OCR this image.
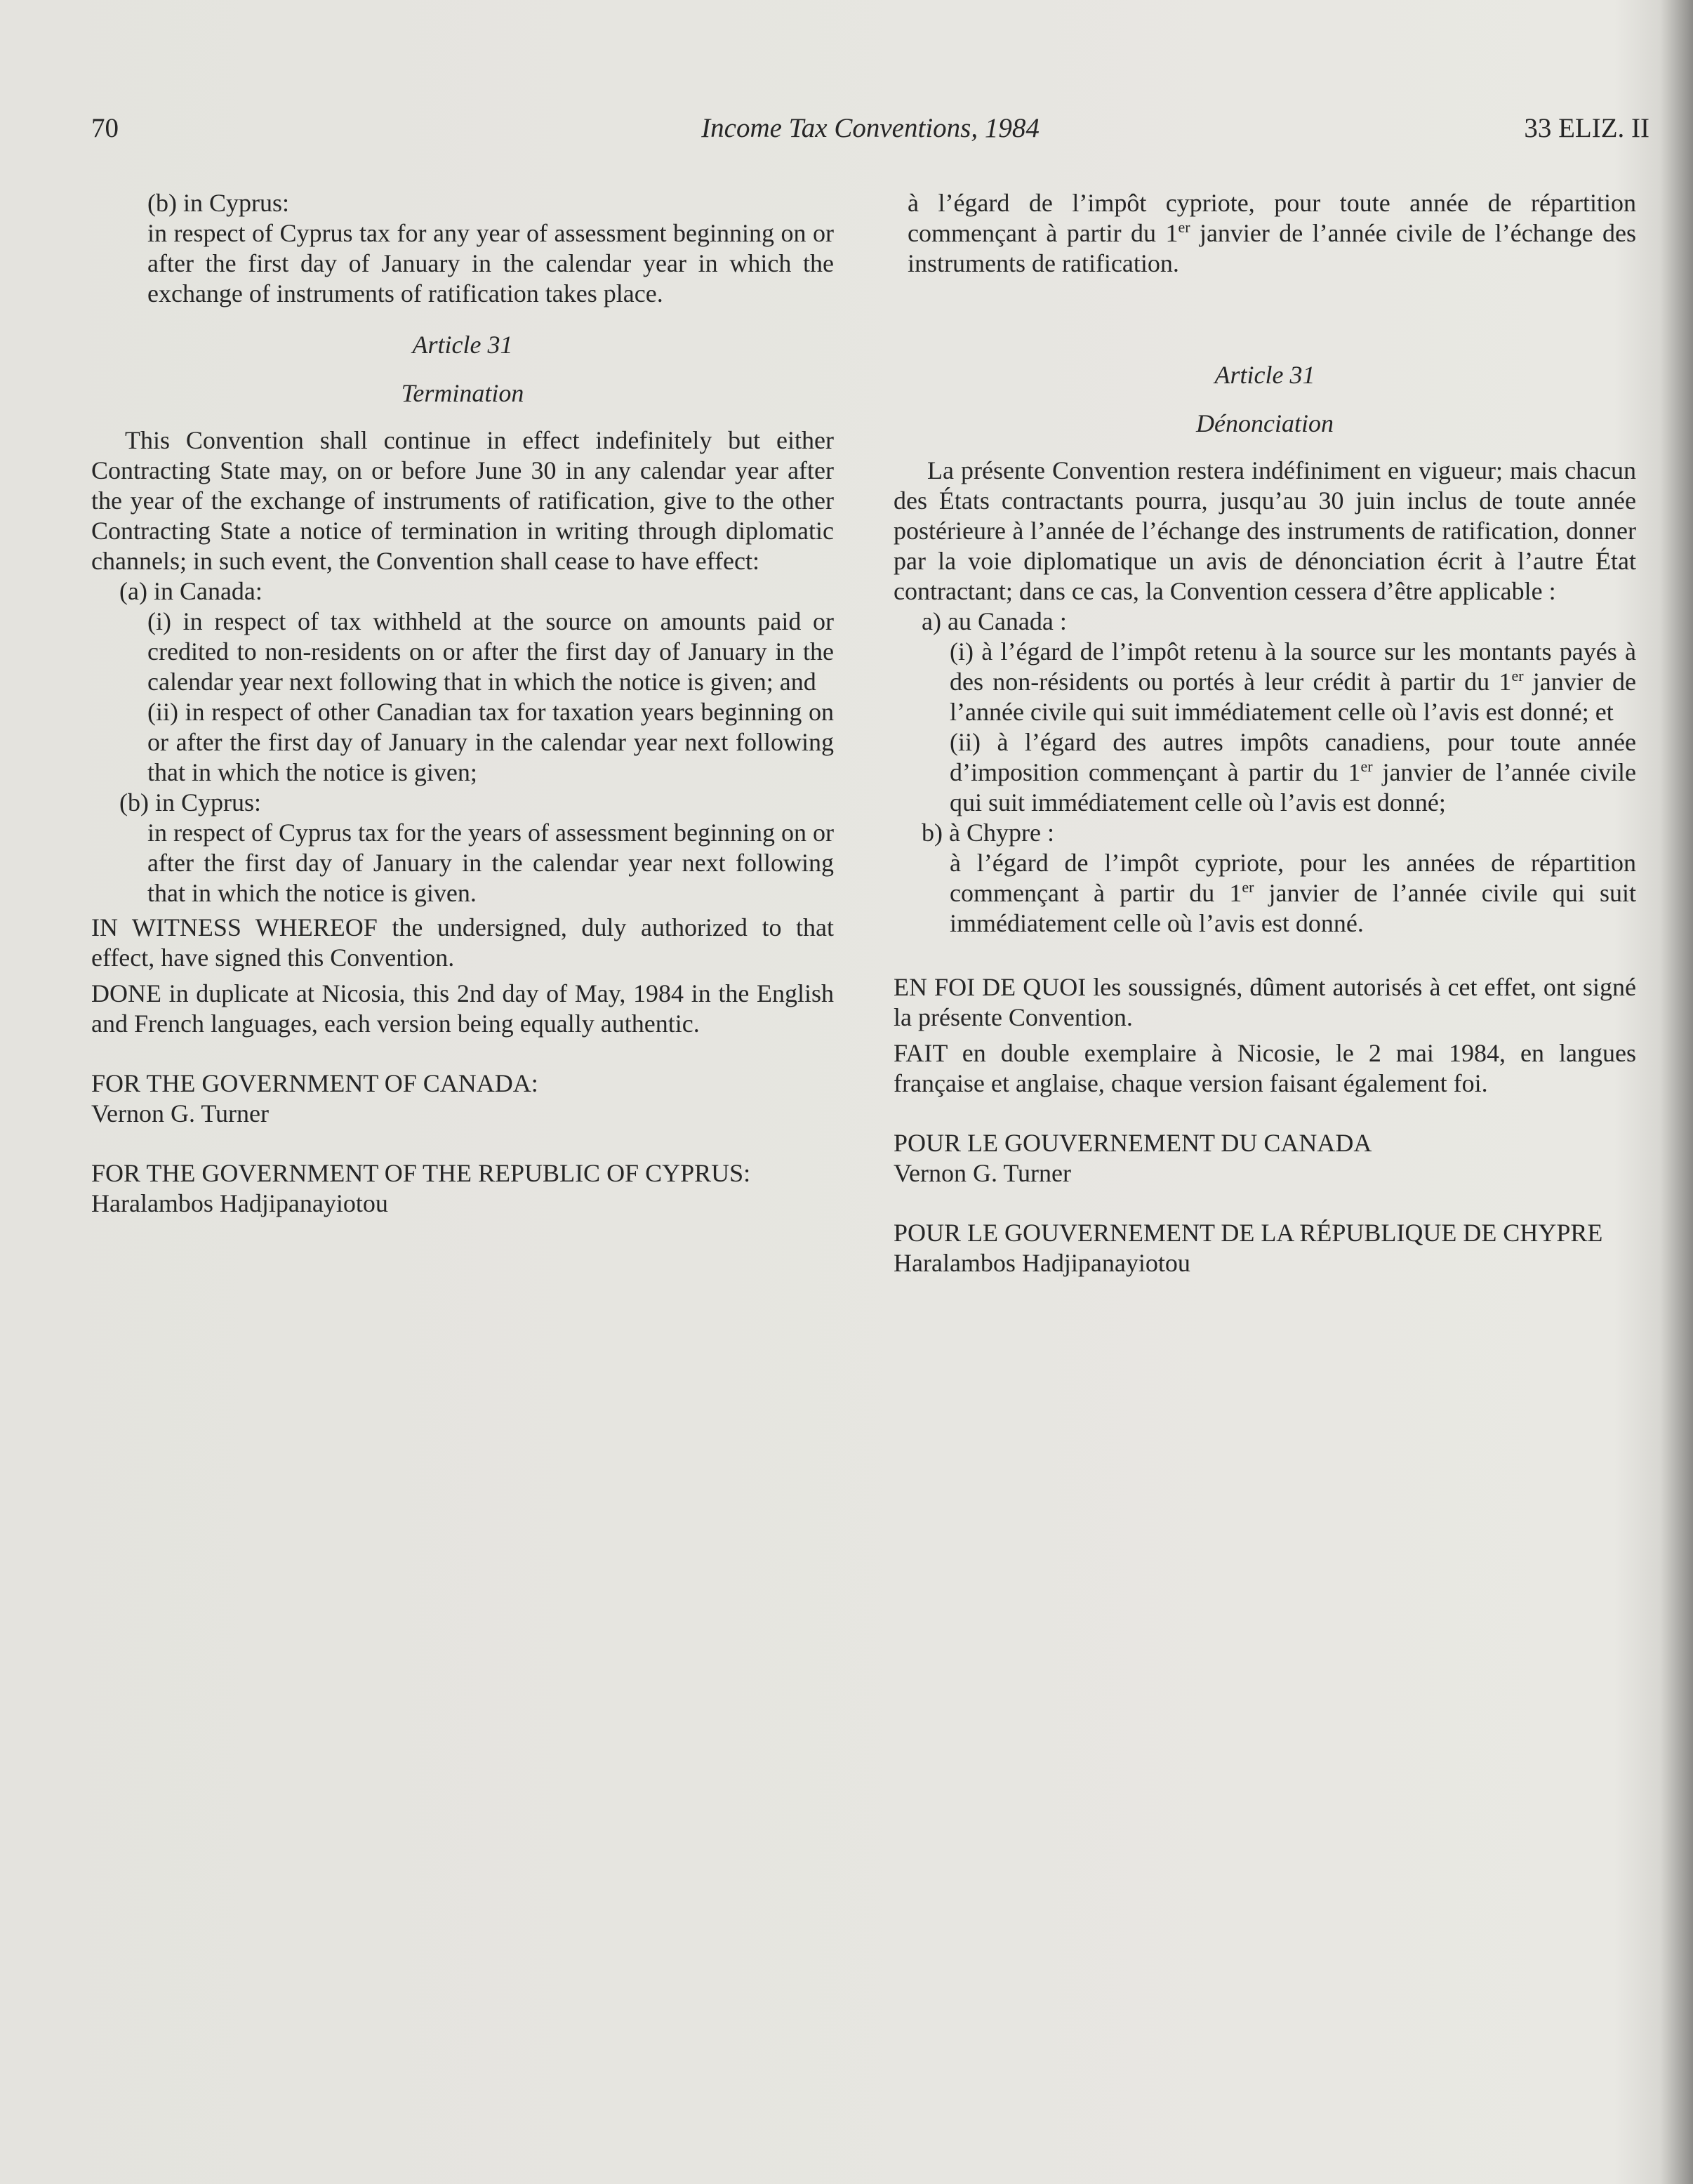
70	Income Tax Conventions, 1984	33 ELIZ. II

(b) in Cyprus:

in respect of Cyprus tax for any year of assessment beginning on or after the first day of January in the calendar year in which the exchange of instruments of ratification takes place.

Article 31

Termination

This Convention shall continue in effect indefinitely but either Contracting State may, on or before June 30 in any calendar year after the year of the exchange of instruments of ratification, give to the other Contracting State a notice of termination in writing through diplomatic channels; in such event, the Convention shall cease to have effect:

(a) in Canada:

(i) in respect of tax withheld at the source on amounts paid or credited to non-residents on or after the first day of January in the calendar year next following that in which the notice is given; and

(ii) in respect of other Canadian tax for taxation years beginning on or after the first day of January in the calendar year next following that in which the notice is given;

(b) in Cyprus:

in respect of Cyprus tax for the years of assessment beginning on or after the first day of January in the calendar year next following that in which the notice is given.

IN WITNESS WHEREOF the undersigned, duly authorized to that effect, have signed this Convention.

DONE in duplicate at Nicosia, this 2nd day of May, 1984 in the English and French languages, each version being equally authentic.

FOR THE GOVERNMENT OF CANADA:

Vernon G. Turner

FOR THE GOVERNMENT OF THE REPUBLIC OF CYPRUS:

Haralambos Hadjipanayiotou

à l’égard de l’impôt cypriote, pour toute année de répartition commençant à partir du 1er janvier de l’année civile de l’échange des instruments de ratification.

Article 31

Dénonciation

La présente Convention restera indéfiniment en vigueur; mais chacun des États contractants pourra, jusqu’au 30 juin inclus de toute année postérieure à l’année de l’échange des instruments de ratification, donner par la voie diplomatique un avis de dénonciation écrit à l’autre État contractant; dans ce cas, la Convention cessera d’être applicable :

a) au Canada :

(i) à l’égard de l’impôt retenu à la source sur les montants payés à des non-résidents ou portés à leur crédit à partir du 1er janvier de l’année civile qui suit immédiatement celle où l’avis est donné; et

(ii) à l’égard des autres impôts canadiens, pour toute année d’imposition commençant à partir du 1er janvier de l’année civile qui suit immédiatement celle où l’avis est donné;

b) à Chypre :

à l’égard de l’impôt cypriote, pour les années de répartition commençant à partir du 1er janvier de l’année civile qui suit immédiatement celle où l’avis est donné.

EN FOI DE QUOI les soussignés, dûment autorisés à cet effet, ont signé la présente Convention.

FAIT en double exemplaire à Nicosie, le 2 mai 1984, en langues française et anglaise, chaque version faisant également foi.

POUR LE GOUVERNEMENT DU CANADA

Vernon G. Turner

POUR LE GOUVERNEMENT DE LA RÉPUBLIQUE DE CHYPRE

Haralambos Hadjipanayiotou
